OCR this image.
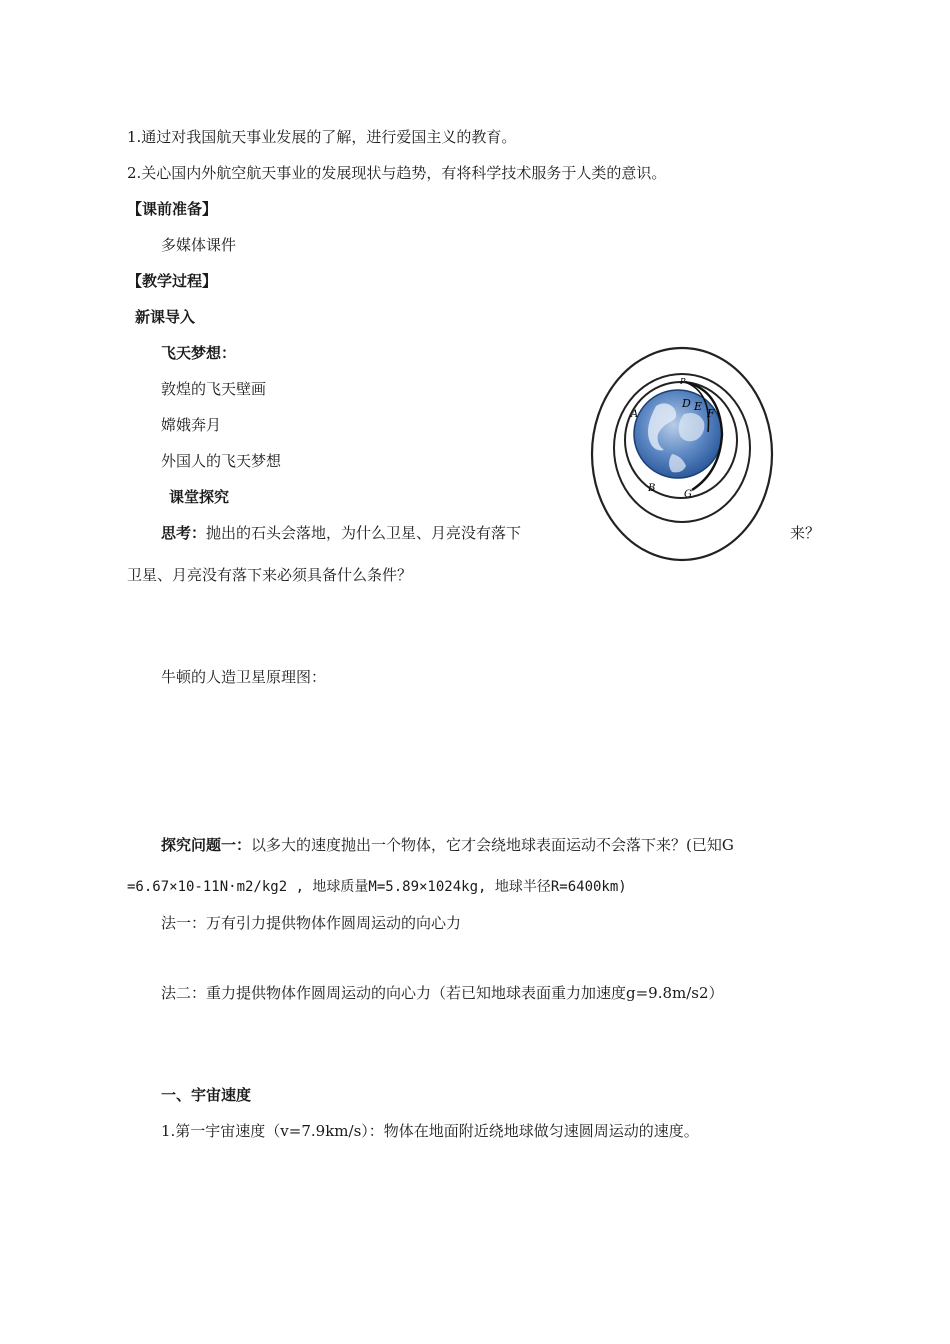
1.通过对我国航天事业发展的了解，进行爱国主义的教育。
2.关心国内外航空航天事业的发展现状与趋势，有将科学技术服务于人类的意识。
【课前准备】
多媒体课件
【教学过程】
新课导入
飞天梦想：
敦煌的飞天壁画
嫦娥奔月
外国人的飞天梦想
课堂探究
思考：抛出的石头会落地，为什么卫星、月亮没有落下	来？
卫星、月亮没有落下来必须具备什么条件？
牛顿的人造卫星原理图：
P
D E
F
A
B
G
探究问题一：以多大的速度抛出一个物体，它才会绕地球表面运动不会落下来？(已知G
=6.67×10-11N·m2/kg2 , 地球质量M=5.89×1024kg, 地球半径R=6400km)
法一：万有引力提供物体作圆周运动的向心力
法二：重力提供物体作圆周运动的向心力（若已知地球表面重力加速度g=9.8m/s2）
一、宇宙速度
1.第一宇宙速度（v=7.9km/s）：物体在地面附近绕地球做匀速圆周运动的速度。
